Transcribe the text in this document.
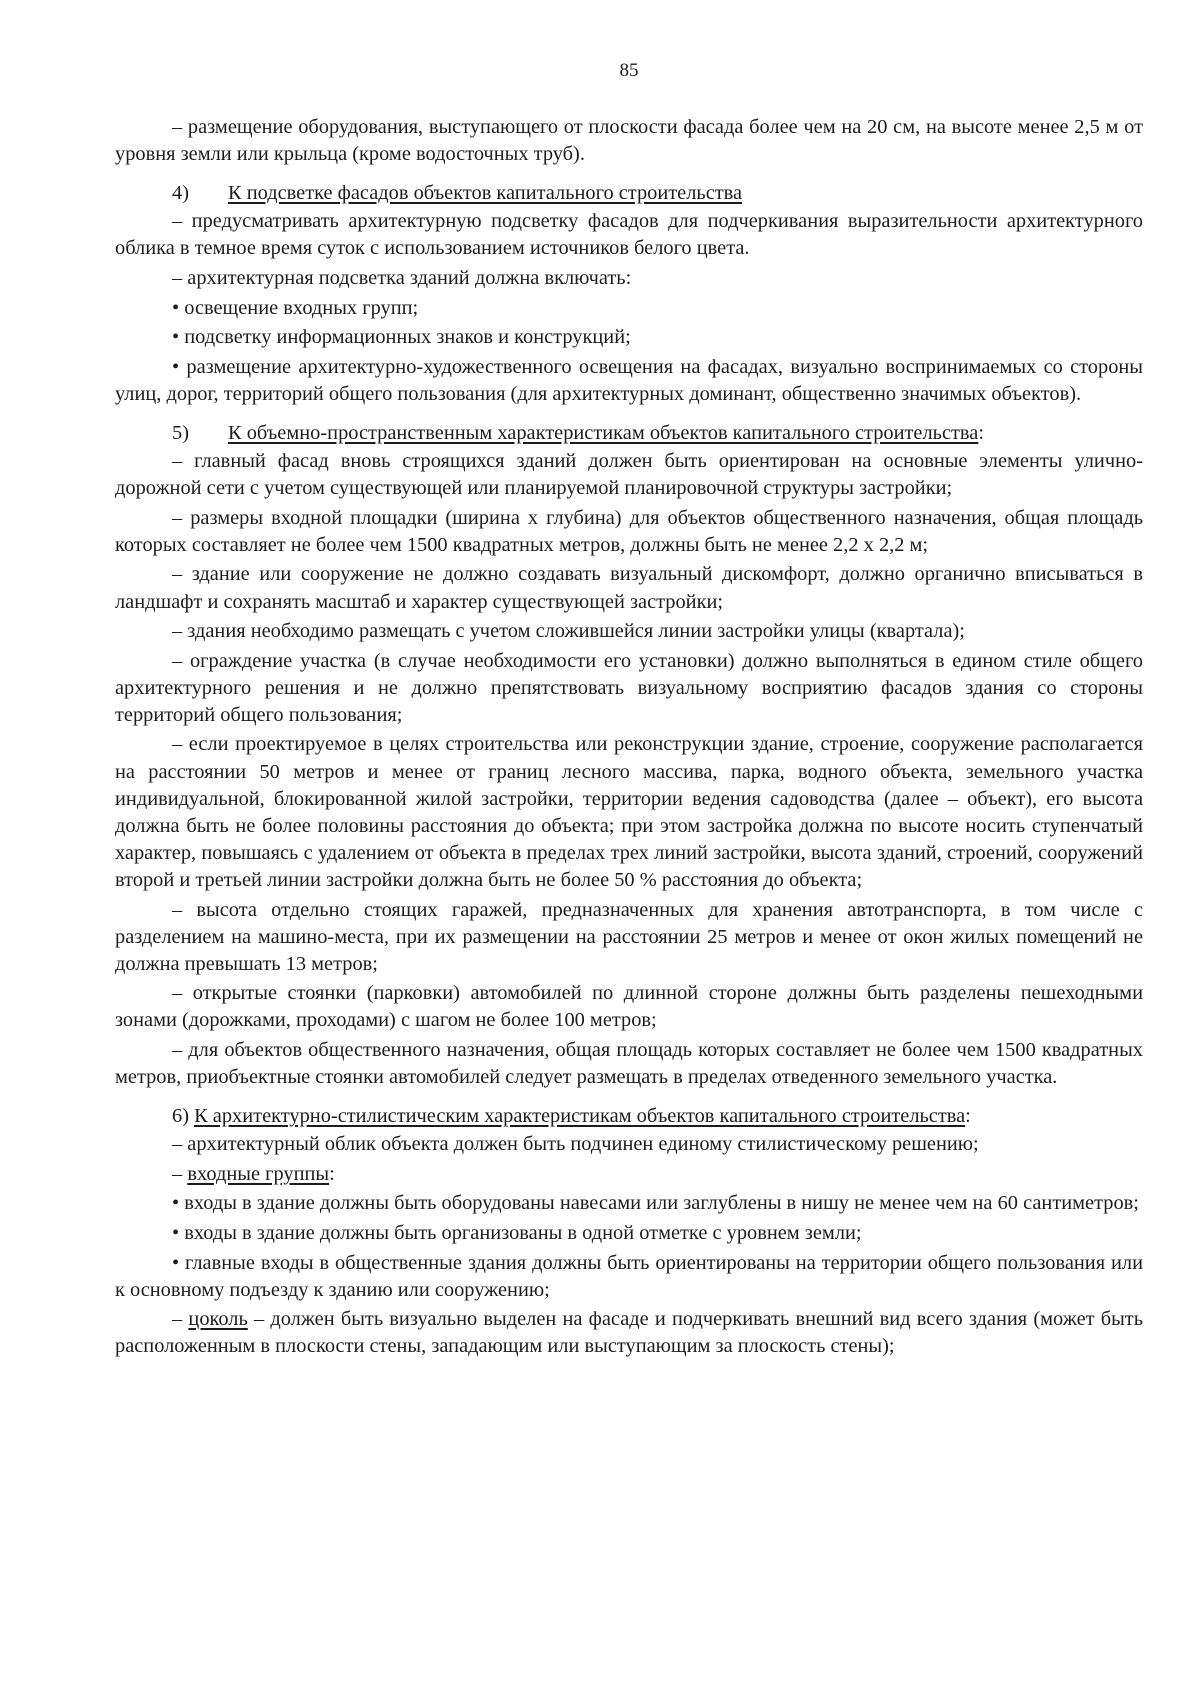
85

– размещение оборудования, выступающего от плоскости фасада более чем на 20 см, на высоте менее 2,5 м от уровня земли или крыльца (кроме водосточных труб).

4) К подсветке фасадов объектов капитального строительства

– предусматривать архитектурную подсветку фасадов для подчеркивания выразительности архитектурного облика в темное время суток с использованием источников белого цвета.

– архитектурная подсветка зданий должна включать:

• освещение входных групп;

• подсветку информационных знаков и конструкций;

• размещение архитектурно-художественного освещения на фасадах, визуально воспринимаемых со стороны улиц, дорог, территорий общего пользования (для архитектурных доминант, общественно значимых объектов).

5) К объемно-пространственным характеристикам объектов капитального строительства:

– главный фасад вновь строящихся зданий должен быть ориентирован на основные элементы улично-дорожной сети с учетом существующей или планируемой планировочной структуры застройки;

– размеры входной площадки (ширина х глубина) для объектов общественного назначения, общая площадь которых составляет не более чем 1500 квадратных метров, должны быть не менее 2,2 х 2,2 м;

– здание или сооружение не должно создавать визуальный дискомфорт, должно органично вписываться в ландшафт и сохранять масштаб и характер существующей застройки;

– здания необходимо размещать с учетом сложившейся линии застройки улицы (квартала);

– ограждение участка (в случае необходимости его установки) должно выполняться в едином стиле общего архитектурного решения и не должно препятствовать визуальному восприятию фасадов здания со стороны территорий общего пользования;

– если проектируемое в целях строительства или реконструкции здание, строение, сооружение располагается на расстоянии 50 метров и менее от границ лесного массива, парка, водного объекта, земельного участка индивидуальной, блокированной жилой застройки, территории ведения садоводства (далее – объект), его высота должна быть не более половины расстояния до объекта; при этом застройка должна по высоте носить ступенчатый характер, повышаясь с удалением от объекта в пределах трех линий застройки, высота зданий, строений, сооружений второй и третьей линии застройки должна быть не более 50 % расстояния до объекта;

– высота отдельно стоящих гаражей, предназначенных для хранения автотранспорта, в том числе с разделением на машино-места, при их размещении на расстоянии 25 метров и менее от окон жилых помещений не должна превышать 13 метров;

– открытые стоянки (парковки) автомобилей по длинной стороне должны быть разделены пешеходными зонами (дорожками, проходами) с шагом не более 100 метров;

– для объектов общественного назначения, общая площадь которых составляет не более чем 1500 квадратных метров, приобъектные стоянки автомобилей следует размещать в пределах отведенного земельного участка.

6) К архитектурно-стилистическим характеристикам объектов капитального строительства:

– архитектурный облик объекта должен быть подчинен единому стилистическому решению;

– входные группы:

• входы в здание должны быть оборудованы навесами или заглублены в нишу не менее чем на 60 сантиметров;

• входы в здание должны быть организованы в одной отметке с уровнем земли;

• главные входы в общественные здания должны быть ориентированы на территории общего пользования или к основному подъезду к зданию или сооружению;

– цоколь – должен быть визуально выделен на фасаде и подчеркивать внешний вид всего здания (может быть расположенным в плоскости стены, западающим или выступающим за плоскость стены);
